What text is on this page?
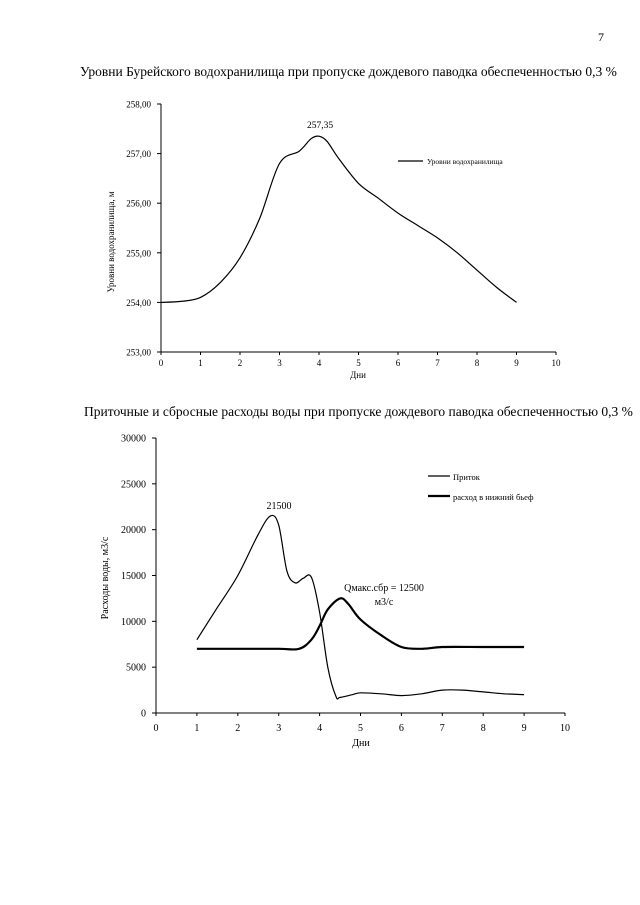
7
Уровни Бурейского водохранилища при пропуске дождевого паводка обеспеченностью 0,3 %
Приточные и сбросные расходы воды при пропуске дождевого паводка обеспеченностью 0,3 %
253,00
254,00
255,00
256,00
257,00
258,00
0	1	2	3	4	5	6	7	8	9	10
Дни
Уровни водохранилища, м
Уровни водохранилища
257,35
0
5000
10000
15000
20000
25000
30000
0	1	2	3	4	5	6	7	8	9	10
Дни
Расходы воды, м3/с
Приток
расход в нижний бьеф
21500
Qмакс.сбр = 12500
м3/с
